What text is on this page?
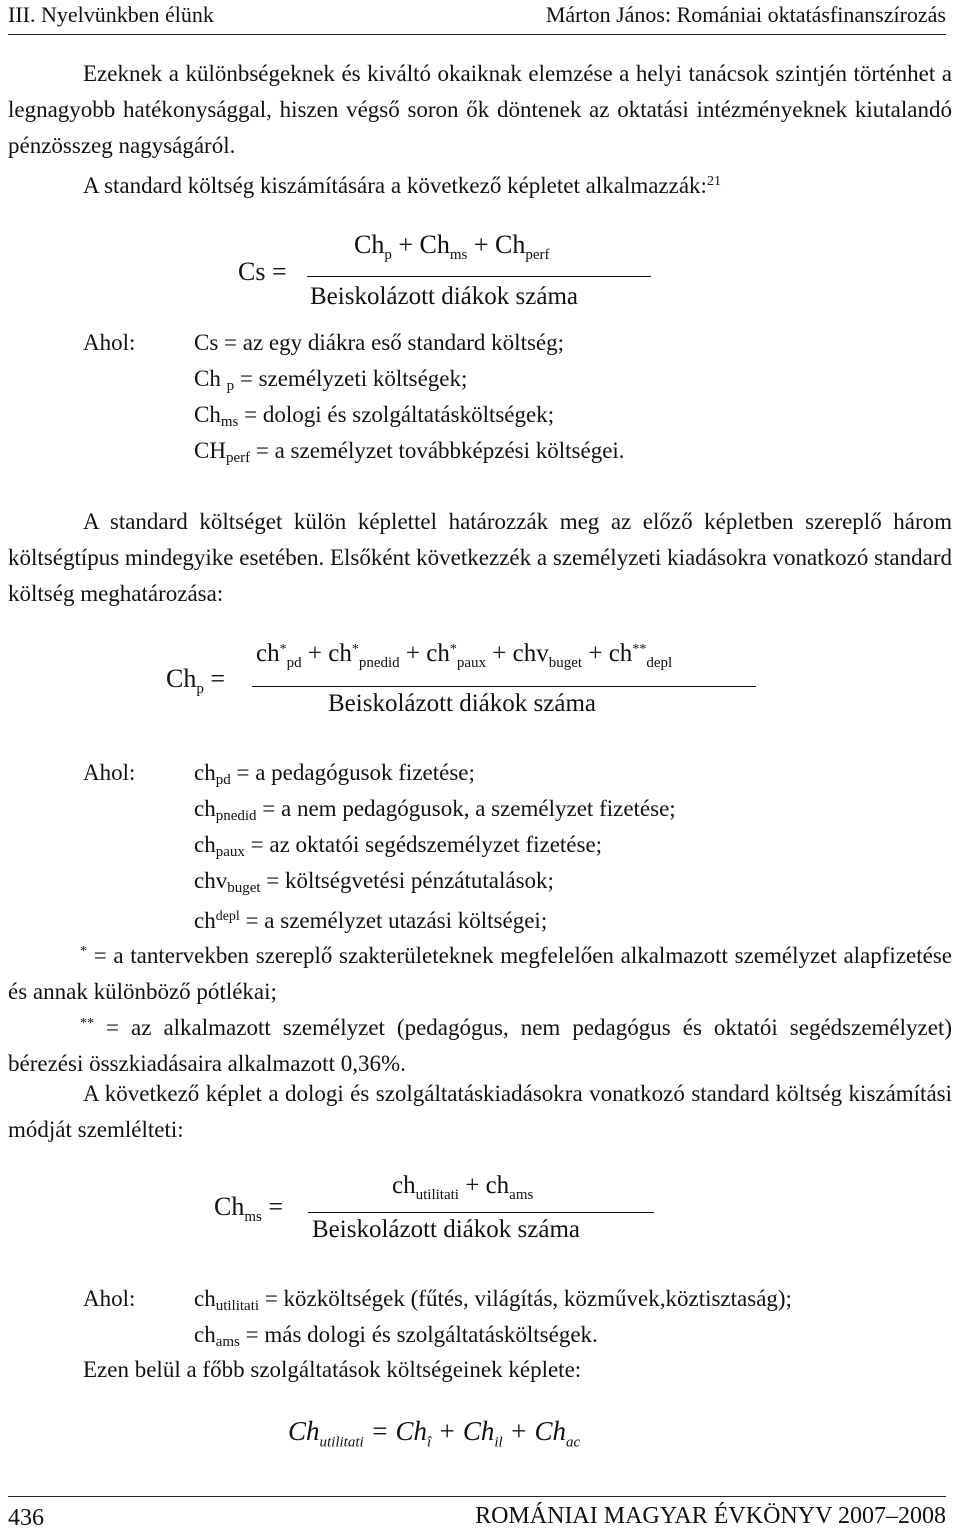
III. Nyelvünkben élünk	Márton János: Romániai oktatásfinanszírozás

Ezeknek a különbségeknek és kiváltó okaiknak elemzése a helyi tanácsok szintjén történhet a legnagyobb hatékonysággal, hiszen végső soron ők döntenek az oktatási intézményeknek kiutalandó pénzösszeg nagyságáról.

A standard költség kiszámítására a következő képletet alkalmazzák:$^{21}$

Cs =
$Ch_p + Ch_{ms} + Ch_{perf}$
Beiskolázott diákok száma
Ahol:	Cs = az egy diákra eső standard költség;
Ch $_p$ = személyzeti költségek;
$Ch_{ms} = dologi$ és szolgáltatásköltségek;
$CH_{perf} = a$ személyzet továbbképzési költségei.

A standard költséget külön képlettel határozzák meg az előző képletben szereplő három költségtípus mindegyike esetében. Elsőként következzék a személyzeti kiadásokra vonatkozó standard költség meghatározása:

$Ch_p$ =
$ch^*_{pd} + ch^*_{pnedid} + ch^*_{paux} + chv_{buget} + ch^{**}_{depl}$
Beiskolázott diákok száma
Ahol:	$ch_{pd} = a$ pedagógusok fizetése;
$ch_{pnedid} = a$ nem pedagógusok, a személyzet fizetése;
$ch_{paux}$ = az oktatói segédszemélyzet fizetése;
chv$_{buget}$ = költségvetési pénzátutalások;
$ch^{depl} = a$ személyzet utazási költségei;

* = a tantervekben szereplő szakterületeknek megfelelően alkalmazott személyzet alapfizetése és annak különböző pótlékai;

** = az alkalmazott személyzet (pedagógus, nem pedagógus és oktatói segédszemélyzet) bérezési összkiadásaira alkalmazott 0,36%.

A következő képlet a dologi és szolgáltatáskiadásokra vonatkozó standard költség kiszámítási módját szemlélteti:

$Ch_{ms}$ =
$ch_{utilitati} + ch_{ams}$
Beiskolázott diákok száma
Ahol:	$ch_{utilitati}$ = közköltségek (fűtés, világítás, közművek,köztisztaság);
$ch_{ams}$ = más dologi és szolgáltatásköltségek.

Ezen belül a főbb szolgáltatások költségeinek képlete:

$Ch_{utilitati} = Ch_î + Ch_{il} + Ch_{ac}$
436	ROMÁNIAI MAGYAR ÉVKÖNYV 2007–2008
